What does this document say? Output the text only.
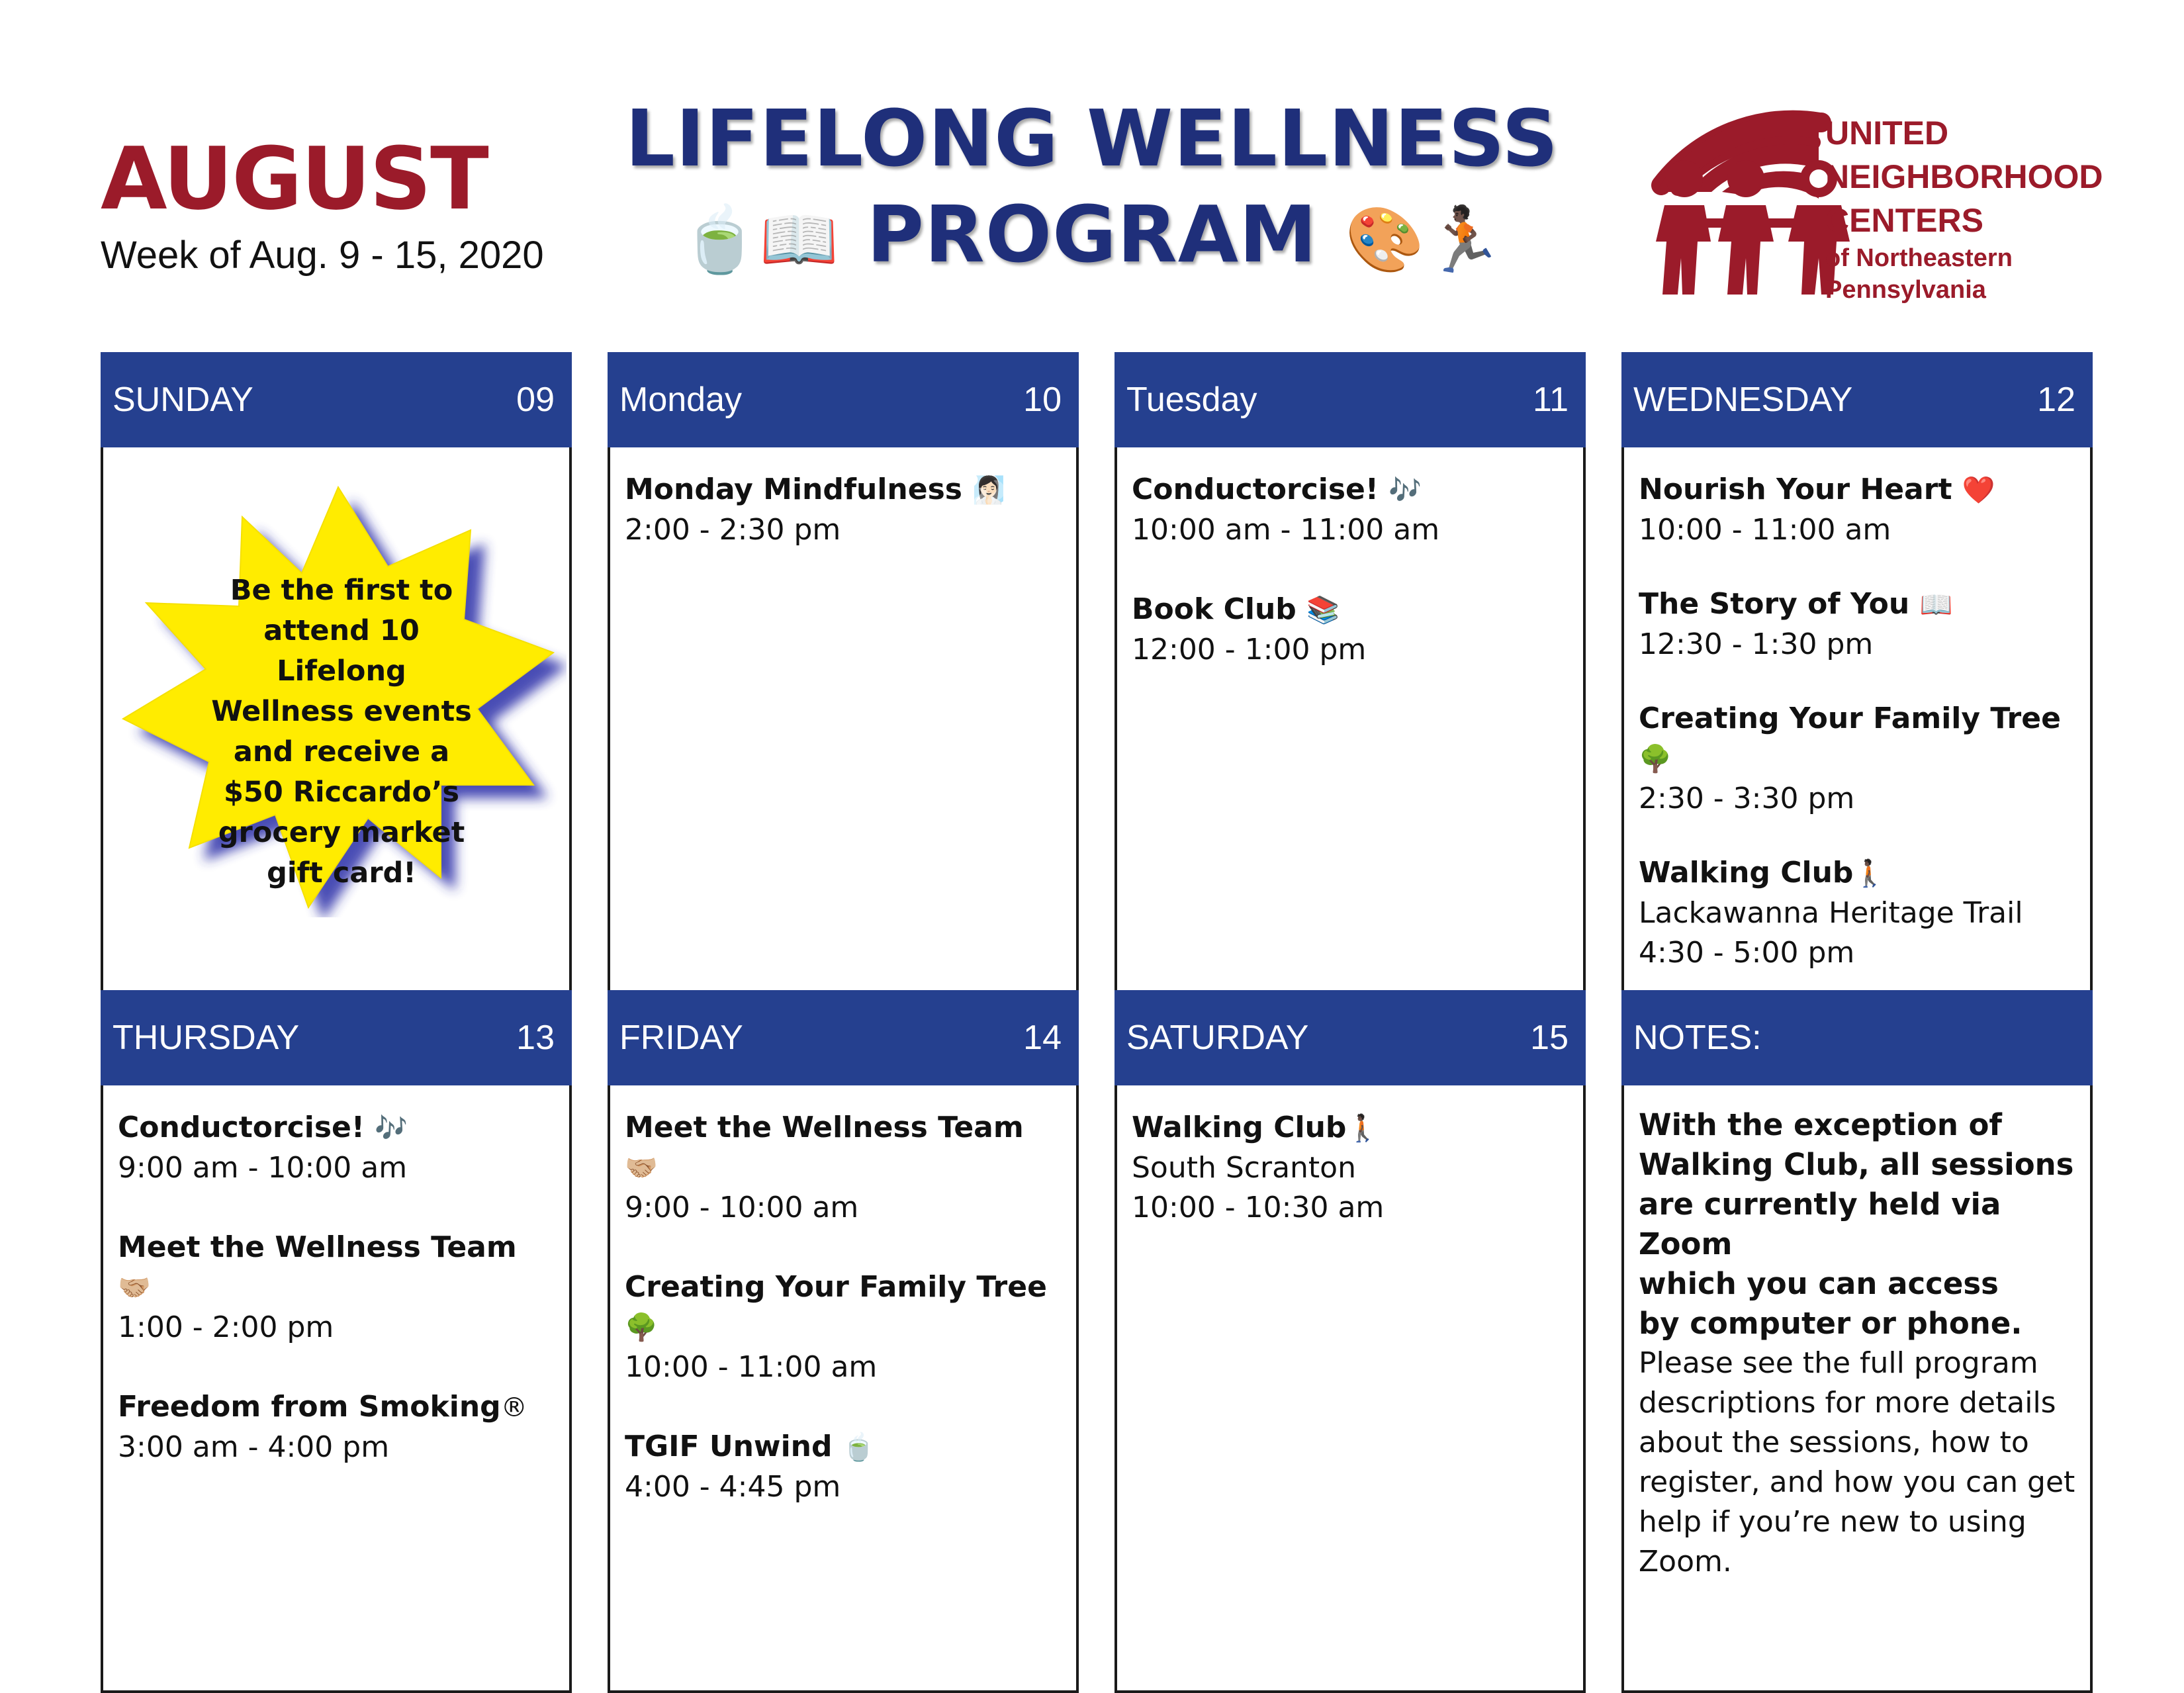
AUGUST
Week of Aug. 9 - 15, 2020
LIFELONG WELLNESS
🍵📖 PROGRAM 🎨🏃🏿
UNITED
NEIGHBORHOOD
CENTERS
of Northeastern
Pennsylvania
SUNDAY	09
Be the first to attend 10 Lifelong Wellness events and receive a $50 Riccardo’s grocery market gift card!
Monday	10
Monday Mindfulness 🧖🏻‍♀️
2:00 - 2:30 pm
Tuesday	11
Conductorcise! 🎶
10:00 am - 11:00 am
Book Club 📚
12:00 - 1:00 pm
WEDNESDAY	12
Nourish Your Heart ❤️
10:00 - 11:00 am
The Story of You 📖
12:30 - 1:30 pm
Creating Your Family Tree 🌳
2:30 - 3:30 pm
Walking Club🚶🏿
Lackawanna Heritage Trail
4:30 - 5:00 pm
THURSDAY	13
Conductorcise! 🎶
9:00 am - 10:00 am
Meet the Wellness Team 🤝🏼
1:00 - 2:00 pm
Freedom from Smoking®
3:00 am - 4:00 pm
FRIDAY	14
Meet the Wellness Team 🤝🏼
9:00 - 10:00 am
Creating Your Family Tree 🌳
10:00 - 11:00 am
TGIF Unwind 🍵
4:00 - 4:45 pm
SATURDAY	15
Walking Club🚶🏿
South Scranton
10:00 - 10:30 am
NOTES:
With the exception of
Walking Club, all sessions
are currently held via Zoom
which you can access
by computer or phone.
Please see the full program
descriptions for more details
about the sessions, how to
register, and how you can get
help if you’re new to using
Zoom.
